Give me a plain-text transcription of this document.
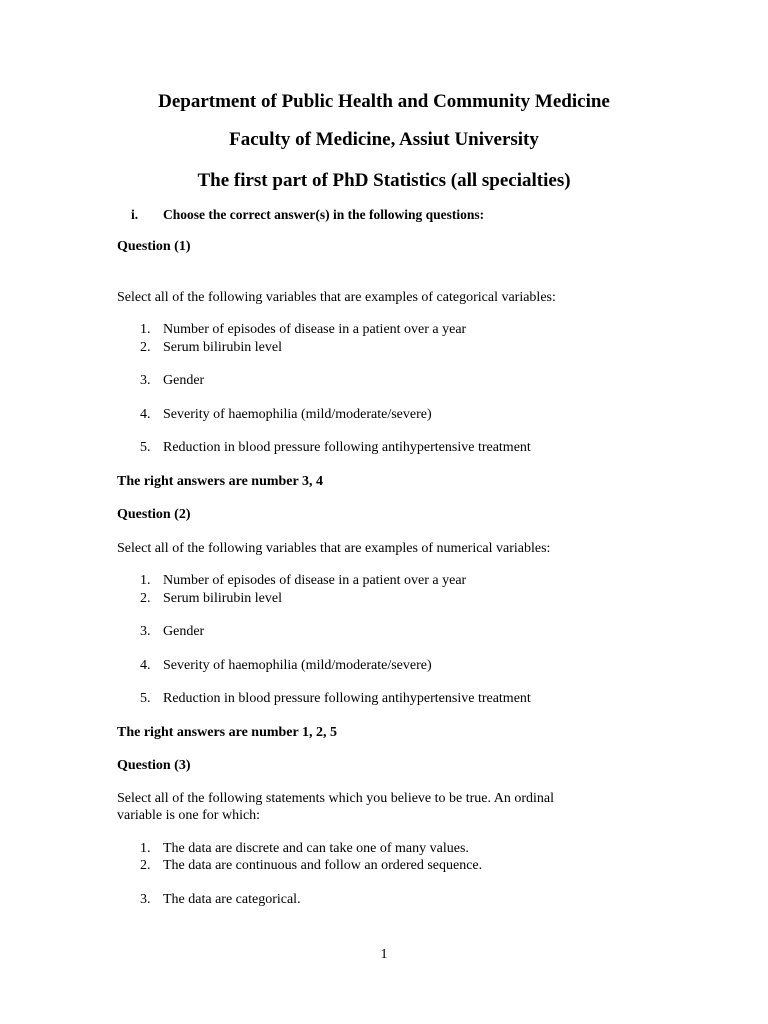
Department of Public Health and Community Medicine
Faculty of Medicine, Assiut University
The first part of PhD Statistics (all specialties)
i. Choose the correct answer(s) in the following questions:
Question (1)
Select all of the following variables that are examples of categorical variables:
1. Number of episodes of disease in a patient over a year
2. Serum bilirubin level
3. Gender
4. Severity of haemophilia (mild/moderate/severe)
5. Reduction in blood pressure following antihypertensive treatment
The right answers are number 3, 4
Question (2)
Select all of the following variables that are examples of numerical variables:
1. Number of episodes of disease in a patient over a year
2. Serum bilirubin level
3. Gender
4. Severity of haemophilia (mild/moderate/severe)
5. Reduction in blood pressure following antihypertensive treatment
The right answers are number 1, 2, 5
Question (3)
Select all of the following statements which you believe to be true. An ordinal
variable is one for which:
1. The data are discrete and can take one of many values.
2. The data are continuous and follow an ordered sequence.
3. The data are categorical.
1
